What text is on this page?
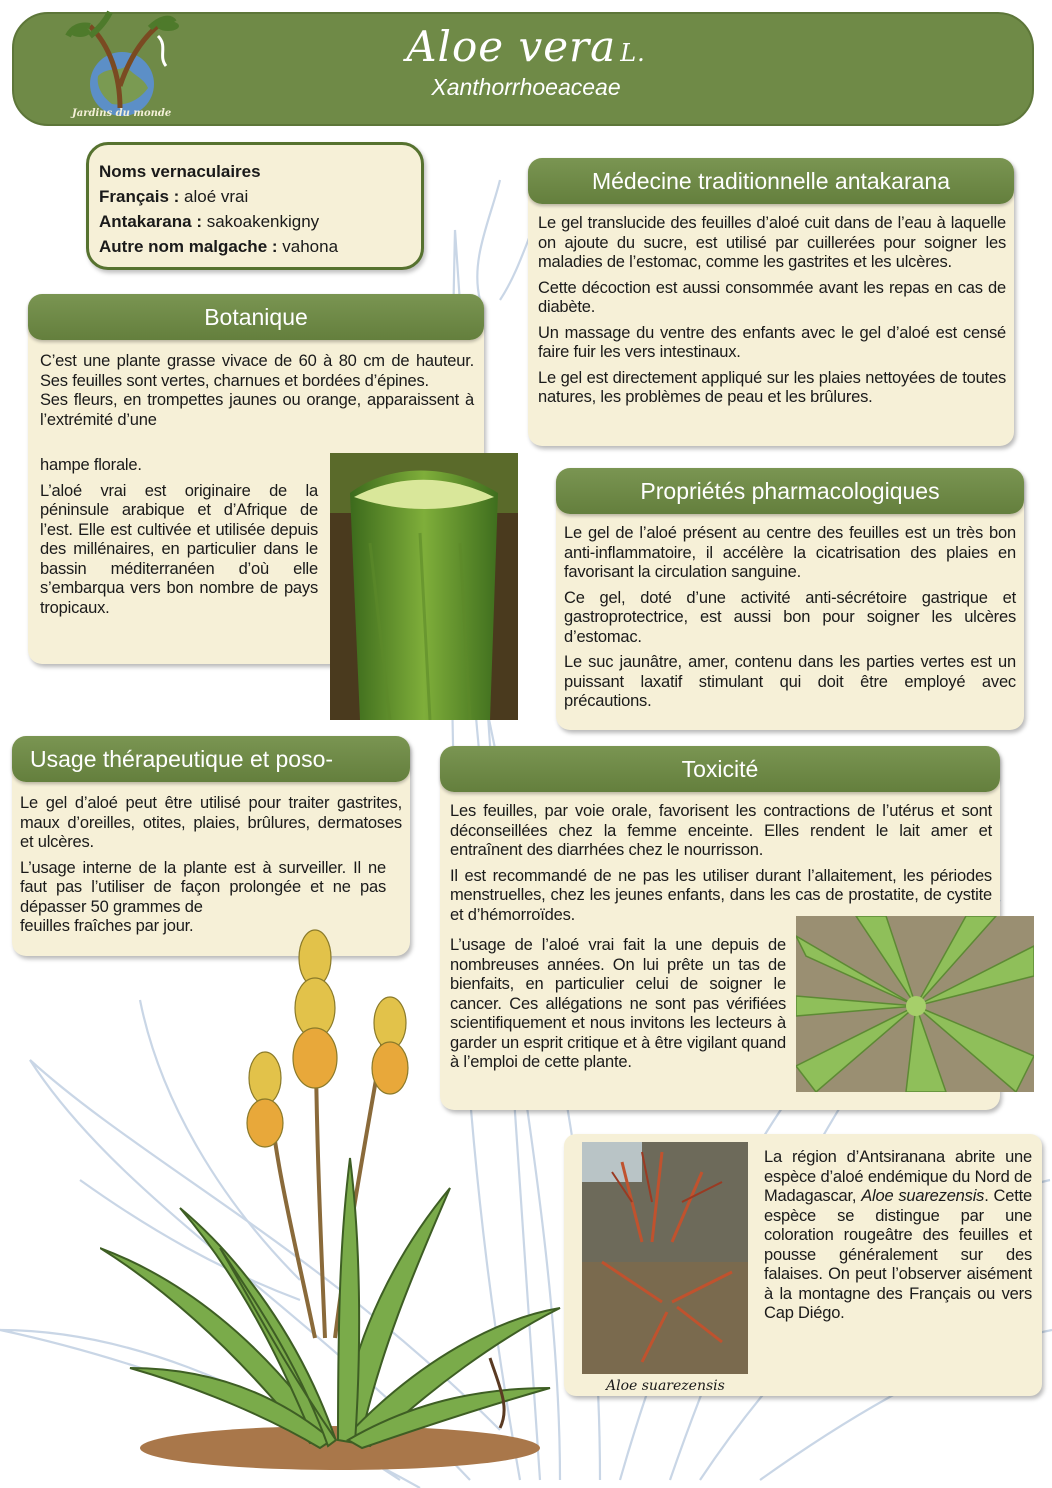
Jardins du monde
Aloe vera L.
Xanthorrhoeaceae
Noms vernaculaires
Français : aloé vrai
Antakarana : sakoakenkigny
Autre nom malgache : vahona
Botanique
C’est une plante grasse vivace de 60 à 80 cm de hauteur. Ses feuilles sont vertes, charnues et bordées d’épines.
Ses fleurs, en trompettes jaunes ou orange, apparaissent à l’extrémité d’une

hampe florale.

L’aloé vrai est originaire de la péninsule arabique et d’Afrique de l’est. Elle est cultivée et utilisée depuis des millénaires, en particulier dans le bassin méditerranéen d’où elle s’embarqua vers bon nombre de pays tropicaux.

Médecine traditionnelle antakarana

Le gel translucide des feuilles d’aloé cuit dans de l’eau à laquelle on ajoute du sucre, est utilisé par cuillerées pour soigner les maladies de l’estomac, comme les gastrites et les ulcères.

Cette décoction est aussi consommée avant les repas en cas de diabète.

Un massage du ventre des enfants avec le gel d’aloé est censé faire fuir les vers intestinaux.

Le gel est directement appliqué sur les plaies nettoyées de toutes natures, les problèmes de peau et les brûlures.

Propriétés pharmacologiques

Le gel de l’aloé présent au centre des feuilles est un très bon anti-inflammatoire, il accélère la cicatrisation des plaies en favorisant la circulation sanguine.

Ce gel, doté d’une activité anti-sécrétoire gastrique et gastroprotectrice, est aussi bon pour soigner les ulcères d’estomac.

Le suc jaunâtre, amer, contenu dans les parties vertes est un puissant laxatif stimulant qui doit être employé avec précautions.

Usage thérapeutique et poso-

Le gel d’aloé peut être utilisé pour traiter gastrites, maux d’oreilles, otites, plaies, brûlures, dermatoses et ulcères.

L’usage interne de la plante est à surveiller. Il ne faut pas l’utiliser de façon prolongée et ne pas dépasser 50 grammes de
feuilles fraîches par jour.
Toxicité

Les feuilles, par voie orale, favorisent les contractions de l’utérus et sont déconseillées chez la femme enceinte. Elles rendent le lait amer et entraînent des diarrhées chez le nourrisson.

Il est recommandé de ne pas les utiliser durant l’allaitement, les périodes menstruelles, chez les jeunes enfants, dans les cas de prostatite, de cystite et d’hémorroïdes.

L’usage de l’aloé vrai fait la une depuis de nombreuses années. On lui prête un tas de bienfaits, en particulier celui de soigner le cancer. Ces allégations ne sont pas vérifiées scientifiquement et nous invitons les lecteurs à garder un esprit critique et à être vigilant quand à l’emploi de cette plante.

Aloe suarezensis
La région d’Antsiranana abrite une espèce d’aloé endémique du Nord de Madagascar, Aloe suarezensis. Cette espèce se distingue par une coloration rougeâtre des feuilles et pousse généralement sur des falaises. On peut l’observer aisément à la montagne des Français ou vers Cap Diégo.
